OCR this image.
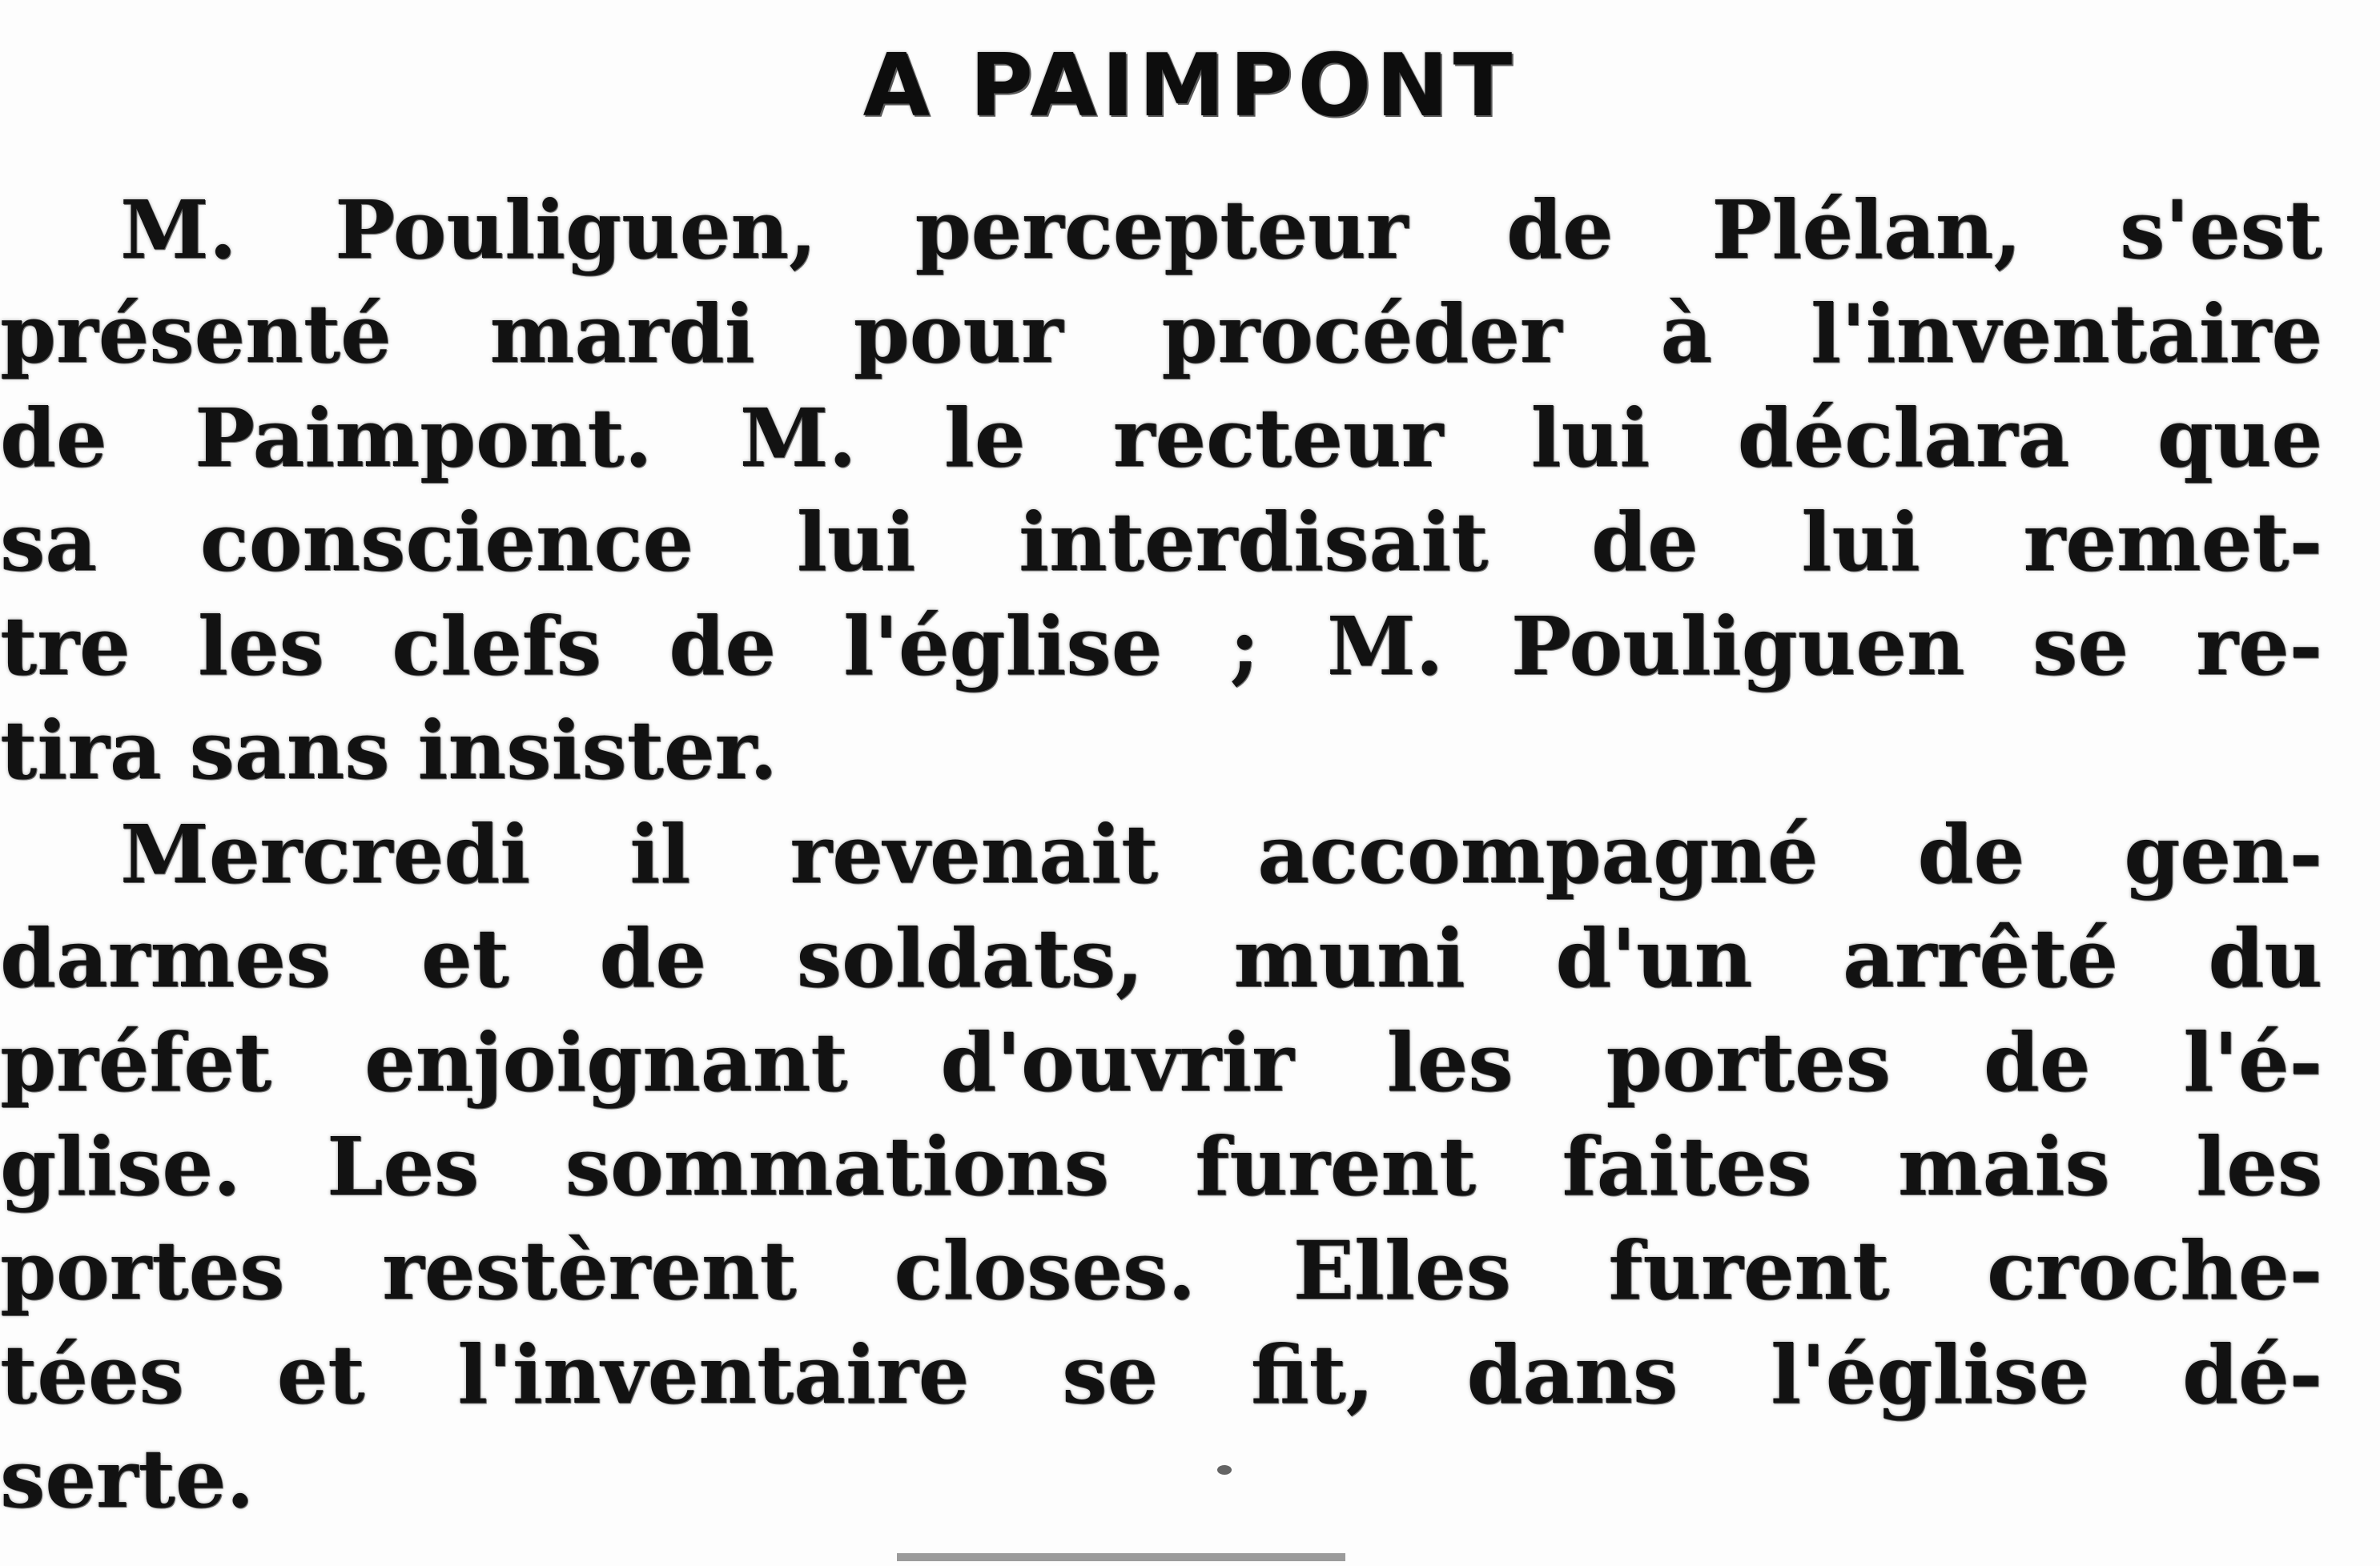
A PAIMPONT
M. Pouliguen, percepteur de Plélan, s'est
présenté mardi pour procéder à l'inventaire
de Paimpont. M. le recteur lui déclara que
sa conscience lui interdisait de lui remet-
tre les clefs de l'église ; M. Pouliguen se re-
tira sans insister.
Mercredi il revenait accompagné de gen-
darmes et de soldats, muni d'un arrêté du
préfet enjoignant d'ouvrir les portes de l'é-
glise. Les sommations furent faites mais les
portes restèrent closes. Elles furent croche-
tées et l'inventaire se fit, dans l'église dé-
serte.
